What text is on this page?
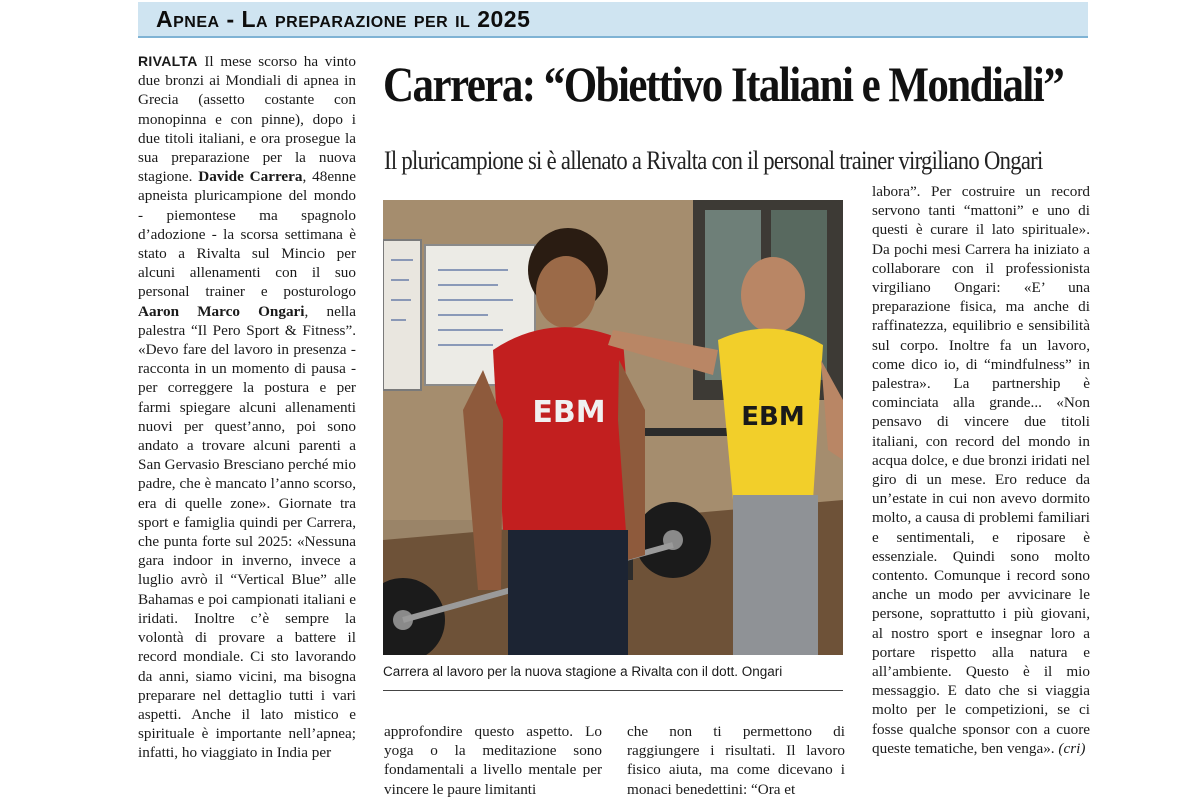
Apnea - La preparazione per il 2025

RIVALTA Il mese scorso ha vinto due bronzi ai Mondiali di apnea in Grecia (assetto costante con monopinna e con pinne), dopo i due titoli italiani, e ora prosegue la sua preparazione per la nuova stagione. Davide Carrera, 48enne apneista pluricampione del mondo - piemontese ma spagnolo d’adozione - la scorsa settimana è stato a Rivalta sul Mincio per alcuni allenamenti con il suo personal trainer e posturologo Aaron Marco Ongari, nella palestra “Il Pero Sport & Fitness”. «Devo fare del lavoro in presenza - racconta in un momento di pausa - per correggere la postura e per farmi spiegare alcuni allenamenti nuovi per quest’anno, poi sono andato a trovare alcuni parenti a San Gervasio Bresciano perché mio padre, che è mancato l’anno scorso, era di quelle zone». Giornate tra sport e famiglia quindi per Carrera, che punta forte sul 2025: «Nessuna gara indoor in inverno, invece a luglio avrò il “Vertical Blue” alle Bahamas e poi campionati italiani e iridati. Inoltre c’è sempre la volontà di provare a battere il record mondiale. Ci sto lavorando da anni, siamo vicini, ma bisogna preparare nel dettaglio tutti i vari aspetti. Anche il lato mistico e spirituale è importante nell’apnea; infatti, ho viaggiato in India per

Carrera: “Obiettivo Italiani e Mondiali”
Il pluricampione si è allenato a Rivalta con il personal trainer virgiliano Ongari
EBM	EBM
Carrera al lavoro per la nuova stagione a Rivalta con il dott. Ongari

approfondire questo aspetto. Lo yoga o la meditazione sono fondamentali a livello mentale per vincere le paure limitanti

che non ti permettono di raggiungere i risultati. Il lavoro fisico aiuta, ma come dicevano i monaci benedettini: “Ora et

labora”. Per costruire un record servono tanti “mattoni” e uno di questi è curare il lato spirituale». Da pochi mesi Carrera ha iniziato a collaborare con il professionista virgiliano Ongari: «E’ una preparazione fisica, ma anche di raffinatezza, equilibrio e sensibilità sul corpo. Inoltre fa un lavoro, come dico io, di “mindfulness” in palestra». La partnership è cominciata alla grande... «Non pensavo di vincere due titoli italiani, con record del mondo in acqua dolce, e due bronzi iridati nel giro di un mese. Ero reduce da un’estate in cui non avevo dormito molto, a causa di problemi familiari e sentimentali, e riposare è essenziale. Quindi sono molto contento. Comunque i record sono anche un modo per avvicinare le persone, soprattutto i più giovani, al nostro sport e insegnar loro a portare rispetto alla natura e all’ambiente. Questo è il mio messaggio. E dato che si viaggia molto per le competizioni, se ci fosse qualche sponsor con a cuore queste tematiche, ben venga». (cri)
